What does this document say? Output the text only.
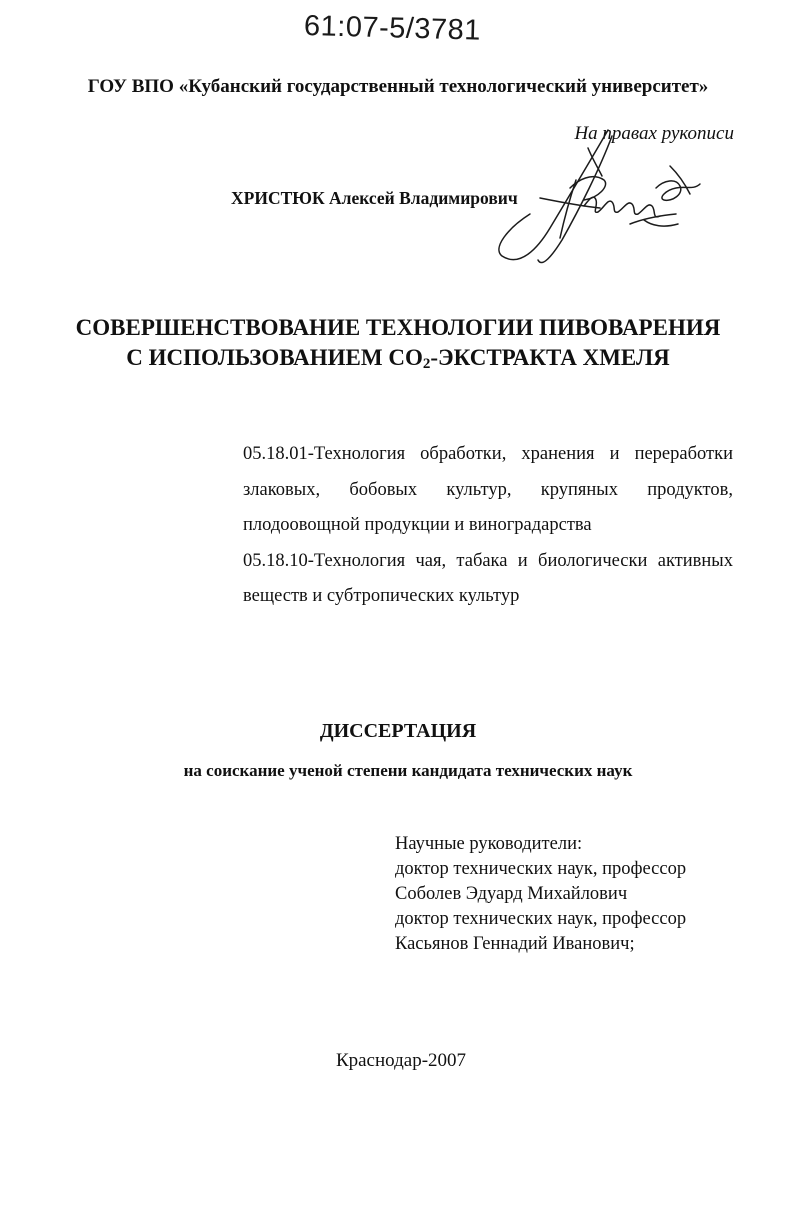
61:07-5/3781
ГОУ ВПО «Кубанский государственный технологический университет»
На правах рукописи
ХРИСТЮК Алексей Владимирович
СОВЕРШЕНСТВОВАНИЕ ТЕХНОЛОГИИ ПИВОВАРЕНИЯ
С ИСПОЛЬЗОВАНИЕМ $СО_2$-ЭКСТРАКТА ХМЕЛЯ

05.18.01-Технология обработки, хранения и переработки злаковых, бобовых культур, крупяных продуктов, плодоовощной продукции и виноградарства

05.18.10-Технология чая, табака и биологически активных веществ и субтропических культур

ДИССЕРТАЦИЯ
на соискание ученой степени кандидата технических наук
Научные руководители:
доктор технических наук, профессор
Соболев Эдуард Михайлович
доктор технических наук, профессор
Касьянов Геннадий Иванович;
Краснодар-2007
